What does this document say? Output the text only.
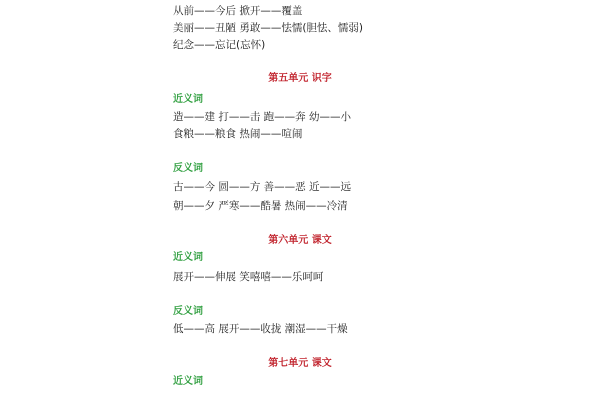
从前——今后 掀开——覆盖
美丽——丑陋 勇敢——怯懦(胆怯、懦弱)
纪念——忘记(忘怀)
第五单元 识字
近义词
造——建 打——击 跑——奔 幼——小
食粮——粮食 热闹——喧闹
反义词
古——今 圆——方 善——恶 近——远
朝——夕 严寒——酷暑 热闹——冷清
第六单元 课文
近义词
展开——伸展 笑嘻嘻——乐呵呵
反义词
低——高 展开——收拢 潮湿——干燥
第七单元 课文
近义词
